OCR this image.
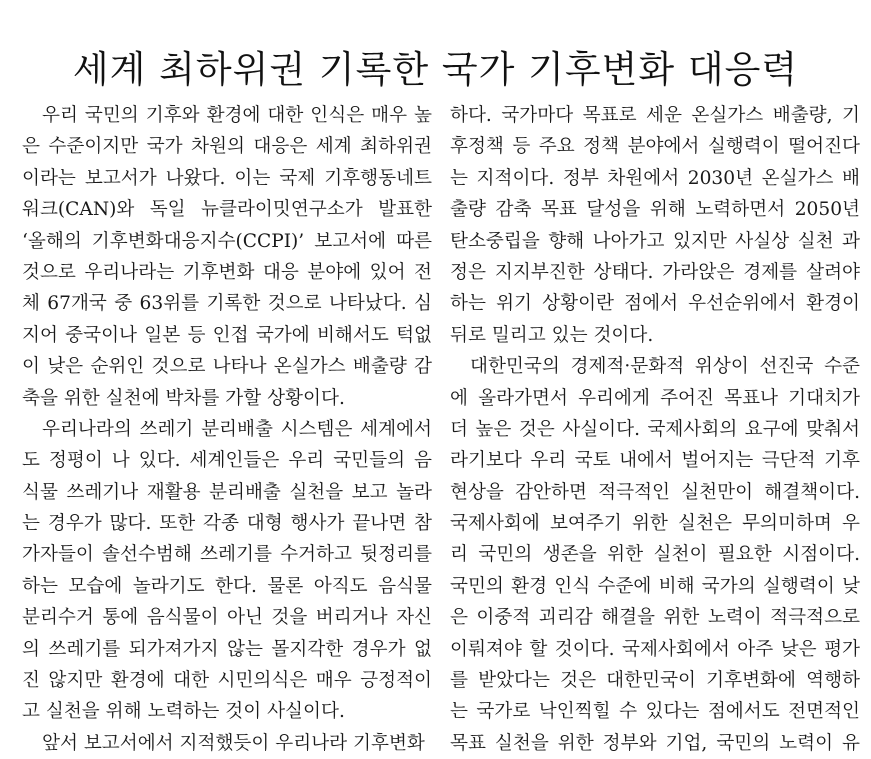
세계 최하위권 기록한 국가 기후변화 대응력
우리 국민의 기후와 환경에 대한 인식은 매우 높
은 수준이지만 국가 차원의 대응은 세계 최하위권
이라는 보고서가 나왔다. 이는 국제 기후행동네트
워크(CAN)와 독일 뉴클라이밋연구소가 발표한
‘올해의 기후변화대응지수(CCPI)’ 보고서에 따른
것으로 우리나라는 기후변화 대응 분야에 있어 전
체 67개국 중 63위를 기록한 것으로 나타났다. 심
지어 중국이나 일본 등 인접 국가에 비해서도 턱없
이 낮은 순위인 것으로 나타나 온실가스 배출량 감
축을 위한 실천에 박차를 가할 상황이다.
우리나라의 쓰레기 분리배출 시스템은 세계에서
도 정평이 나 있다. 세계인들은 우리 국민들의 음
식물 쓰레기나 재활용 분리배출 실천을 보고 놀라
는 경우가 많다. 또한 각종 대형 행사가 끝나면 참
가자들이 솔선수범해 쓰레기를 수거하고 뒷정리를
하는 모습에 놀라기도 한다. 물론 아직도 음식물
분리수거 통에 음식물이 아닌 것을 버리거나 자신
의 쓰레기를 되가져가지 않는 몰지각한 경우가 없
진 않지만 환경에 대한 시민의식은 매우 긍정적이
고 실천을 위해 노력하는 것이 사실이다.
앞서 보고서에서 지적했듯이 우리나라 기후변화
하다. 국가마다 목표로 세운 온실가스 배출량, 기
후정책 등 주요 정책 분야에서 실행력이 떨어진다
는 지적이다. 정부 차원에서 2030년 온실가스 배
출량 감축 목표 달성을 위해 노력하면서 2050년
탄소중립을 향해 나아가고 있지만 사실상 실천 과
정은 지지부진한 상태다. 가라앉은 경제를 살려야
하는 위기 상황이란 점에서 우선순위에서 환경이
뒤로 밀리고 있는 것이다.
대한민국의 경제적·문화적 위상이 선진국 수준
에 올라가면서 우리에게 주어진 목표나 기대치가
더 높은 것은 사실이다. 국제사회의 요구에 맞춰서
라기보다 우리 국토 내에서 벌어지는 극단적 기후
현상을 감안하면 적극적인 실천만이 해결책이다.
국제사회에 보여주기 위한 실천은 무의미하며 우
리 국민의 생존을 위한 실천이 필요한 시점이다.
국민의 환경 인식 수준에 비해 국가의 실행력이 낮
은 이중적 괴리감 해결을 위한 노력이 적극적으로
이뤄져야 할 것이다. 국제사회에서 아주 낮은 평가
를 받았다는 것은 대한민국이 기후변화에 역행하
는 국가로 낙인찍힐 수 있다는 점에서도 전면적인
목표 실천을 위한 정부와 기업, 국민의 노력이 유
